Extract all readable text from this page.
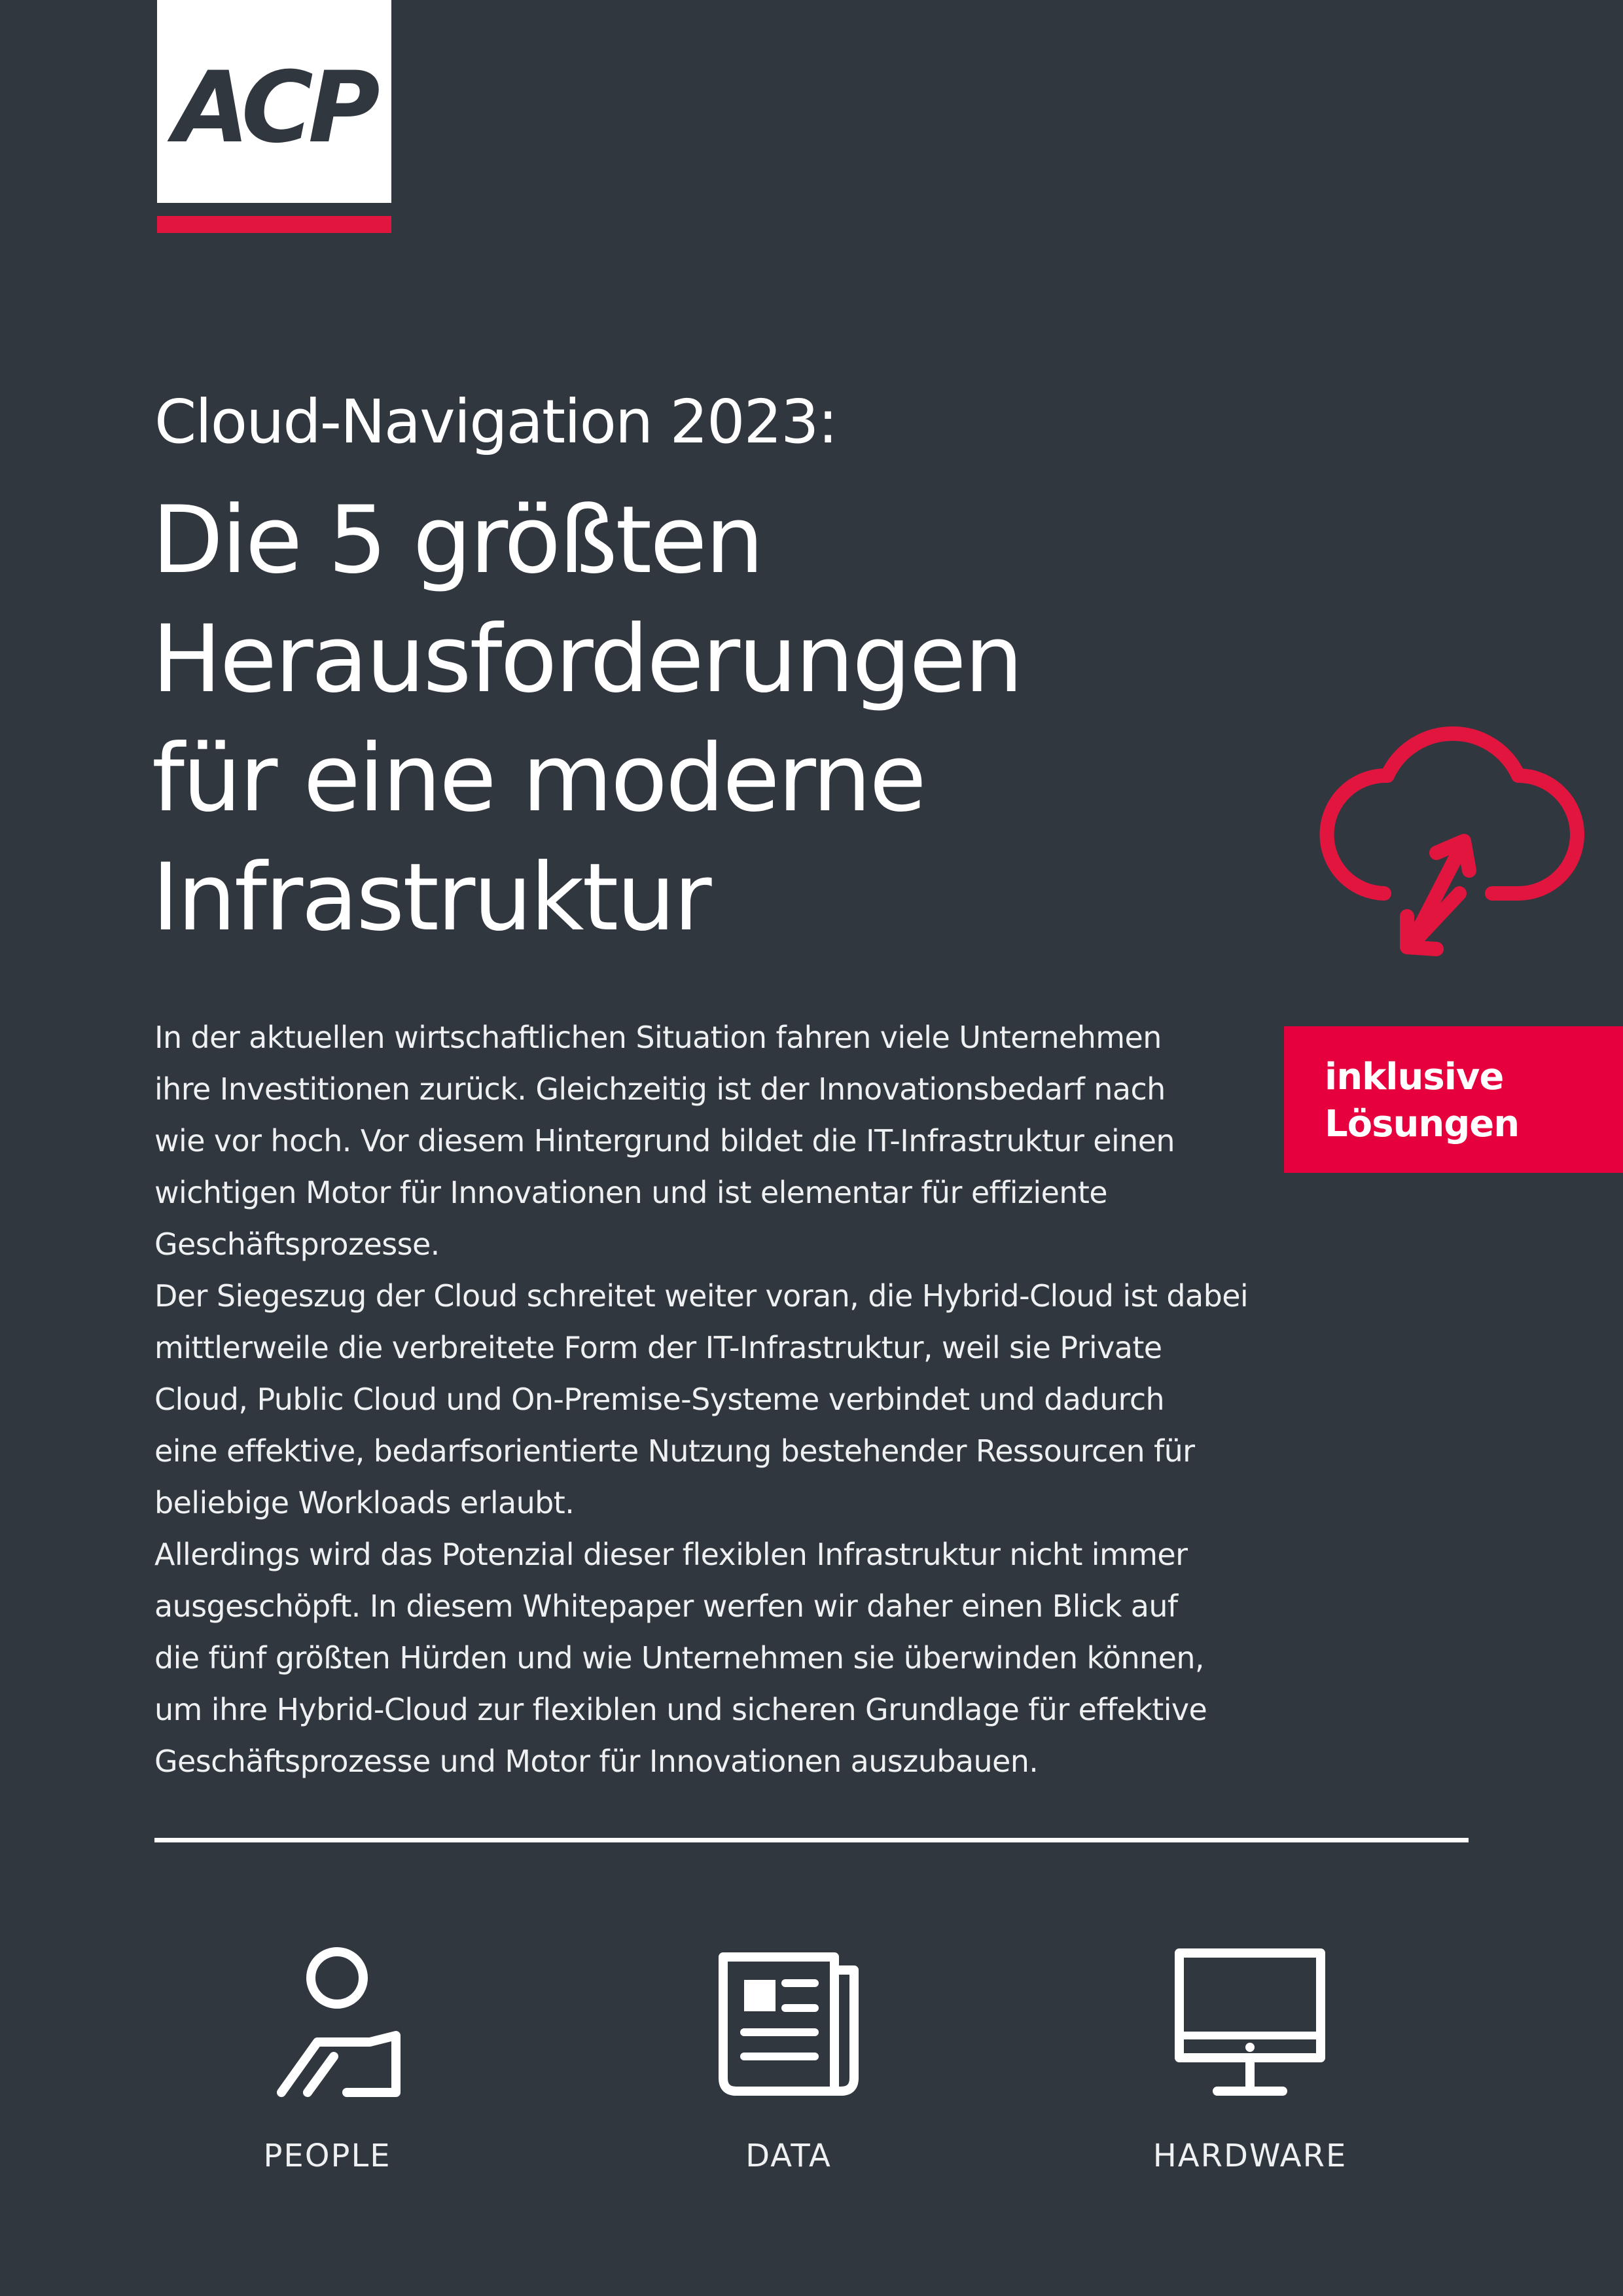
ACP
Cloud-Navigation 2023:
Die 5 größten
Herausforderungen
für eine moderne
Infrastruktur
inklusive
Lösungen
In der aktuellen wirtschaftlichen Situation fahren viele Unternehmen
ihre Investitionen zurück. Gleichzeitig ist der Innovationsbedarf nach
wie vor hoch. Vor diesem Hintergrund bildet die IT-Infrastruktur einen
wichtigen Motor für Innovationen und ist elementar für effiziente
Geschäftsprozesse.
Der Siegeszug der Cloud schreitet weiter voran, die Hybrid-Cloud ist dabei
mittlerweile die verbreitete Form der IT-Infrastruktur, weil sie Private
Cloud, Public Cloud und On-Premise-Systeme verbindet und dadurch
eine effektive, bedarfsorientierte Nutzung bestehender Ressourcen für
beliebige Workloads erlaubt.
Allerdings wird das Potenzial dieser flexiblen Infrastruktur nicht immer
ausgeschöpft. In diesem Whitepaper werfen wir daher einen Blick auf
die fünf größten Hürden und wie Unternehmen sie überwinden können,
um ihre Hybrid-Cloud zur flexiblen und sicheren Grundlage für effektive
Geschäftsprozesse und Motor für Innovationen auszubauen.
PEOPLE	DATA	HARDWARE
